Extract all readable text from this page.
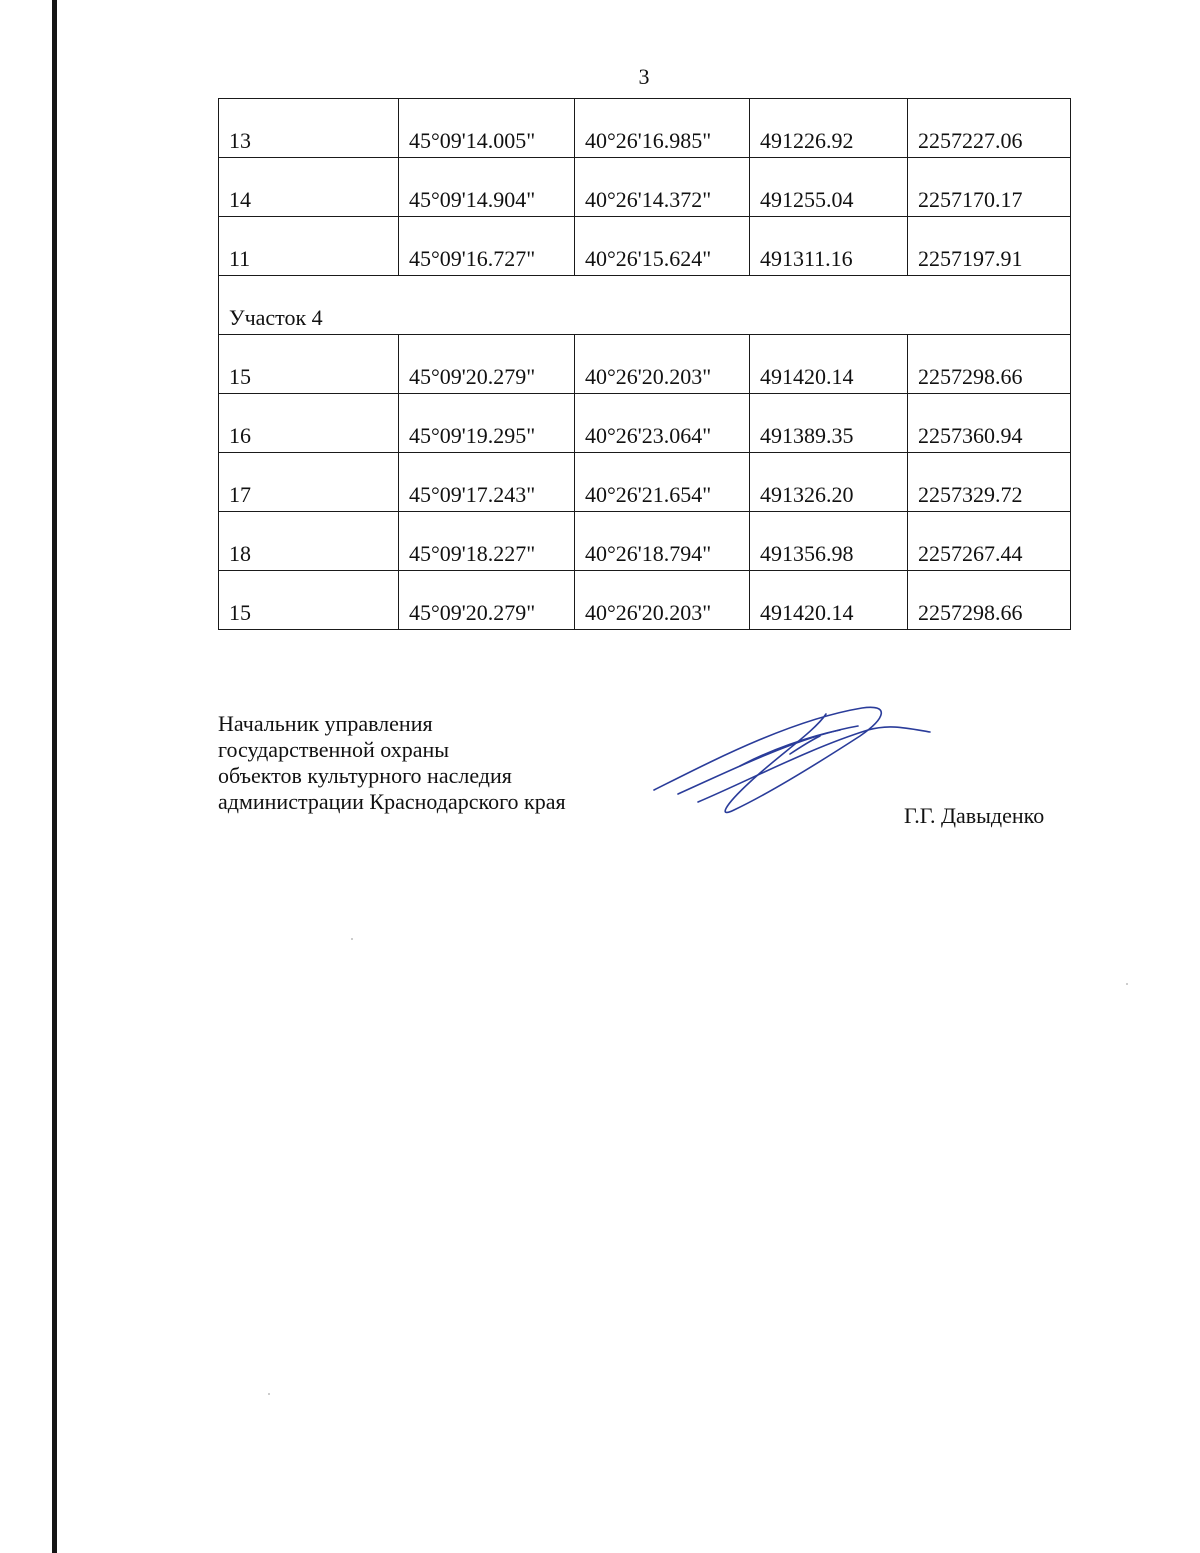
3
13	45°09'14.005"	40°26'16.985"	491226.92	2257227.06
14	45°09'14.904"	40°26'14.372"	491255.04	2257170.17
11	45°09'16.727"	40°26'15.624"	491311.16	2257197.91
Участок 4				
15	45°09'20.279"	40°26'20.203"	491420.14	2257298.66
16	45°09'19.295"	40°26'23.064"	491389.35	2257360.94
17	45°09'17.243"	40°26'21.654"	491326.20	2257329.72
18	45°09'18.227"	40°26'18.794"	491356.98	2257267.44
15	45°09'20.279"	40°26'20.203"	491420.14	2257298.66
Начальник управления
государственной охраны
объектов культурного наследия
администрации Краснодарского края
Г.Г. Давыденко
